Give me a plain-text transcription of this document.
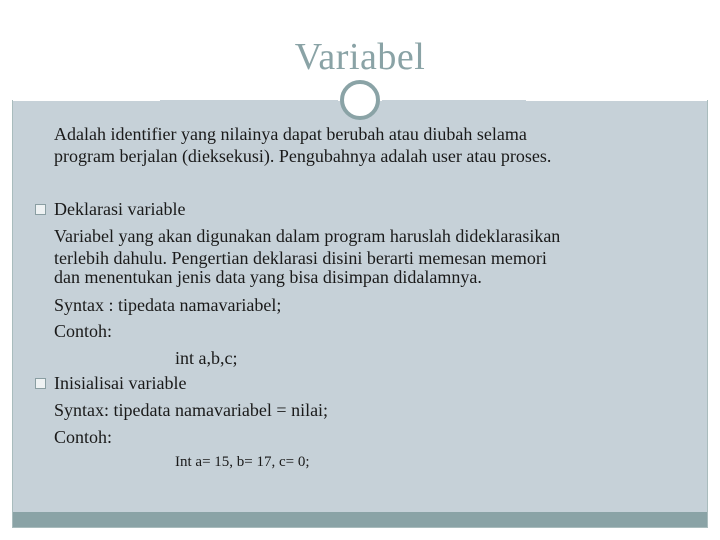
Variabel
Adalah identifier yang nilainya dapat berubah atau diubah selama
program berjalan (dieksekusi). Pengubahnya adalah user atau proses.
Deklarasi variable
Variabel yang akan digunakan dalam program haruslah dideklarasikan
terlebih dahulu. Pengertian deklarasi disini berarti memesan memori
dan menentukan jenis data yang bisa disimpan didalamnya.
Syntax : tipedata namavariabel;
Contoh:
int a,b,c;
Inisialisai variable
Syntax: tipedata namavariabel = nilai;
Contoh:
Int a= 15, b= 17, c= 0;
